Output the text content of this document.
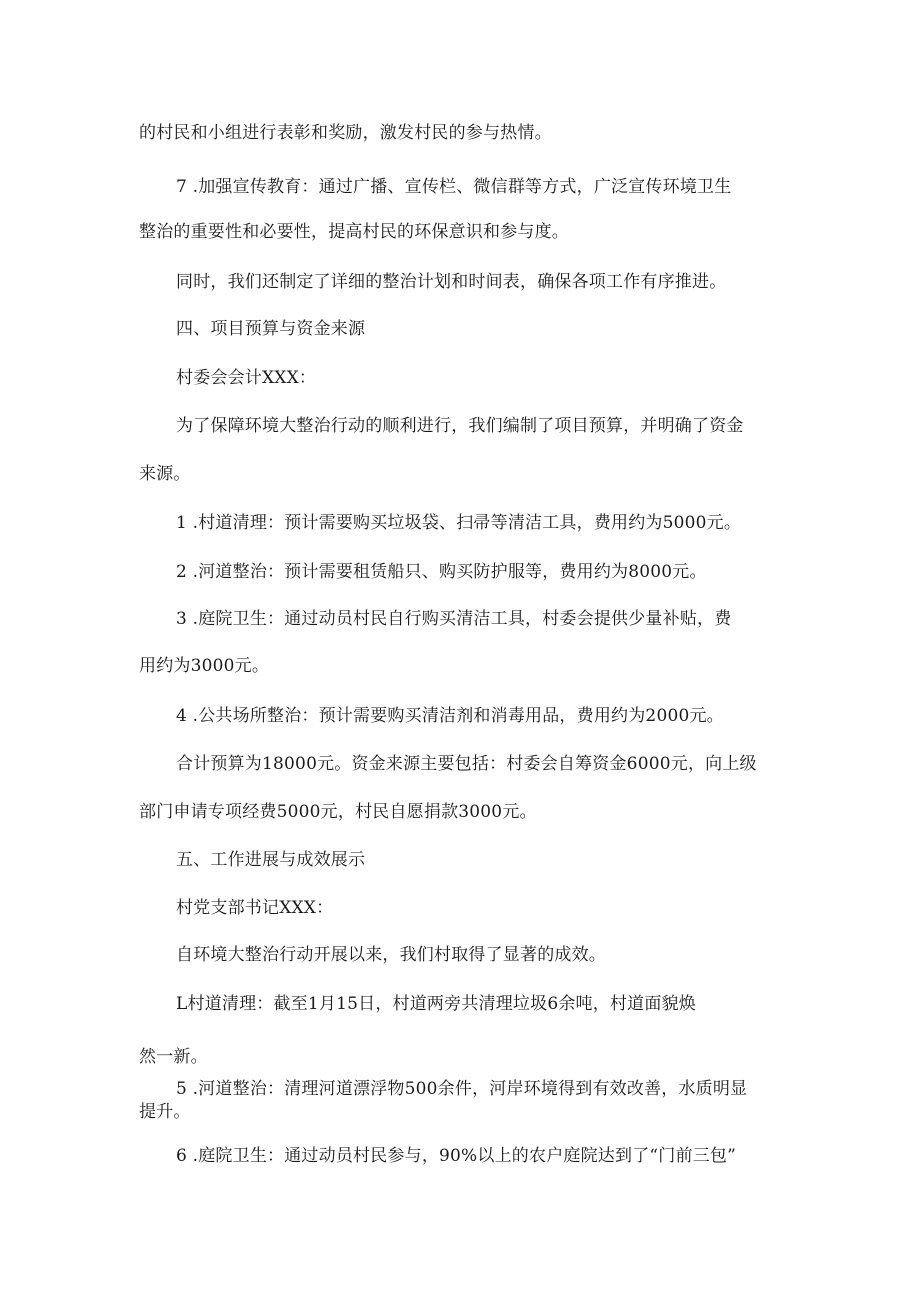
的村民和小组进行表彰和奖励，激发村民的参与热情。
7 .加强宣传教育：通过广播、宣传栏、微信群等方式，广泛宣传环境卫生
整治的重要性和必要性，提高村民的环保意识和参与度。
同时，我们还制定了详细的整治计划和时间表，确保各项工作有序推进。
四、项目预算与资金来源
村委会会计XXX：
为了保障环境大整治行动的顺利进行，我们编制了项目预算，并明确了资金
来源。
1 .村道清理：预计需要购买垃圾袋、扫帚等清洁工具，费用约为5000元。
2 .河道整治：预计需要租赁船只、购买防护服等，费用约为8000元。
3 .庭院卫生：通过动员村民自行购买清洁工具，村委会提供少量补贴，费
用约为3000元。
4 .公共场所整治：预计需要购买清洁剂和消毒用品，费用约为2000元。
合计预算为18000元。资金来源主要包括：村委会自筹资金6000元，向上级
部门申请专项经费5000元，村民自愿捐款3000元。
五、工作进展与成效展示
村党支部书记XXX：
自环境大整治行动开展以来，我们村取得了显著的成效。
L村道清理：截至1月15日，村道两旁共清理垃圾6余吨，村道面貌焕
然一新。
5 .河道整治：清理河道漂浮物500余件，河岸环境得到有效改善，水质明显
提升。
6 .庭院卫生：通过动员村民参与，90%以上的农户庭院达到了“门前三包”
